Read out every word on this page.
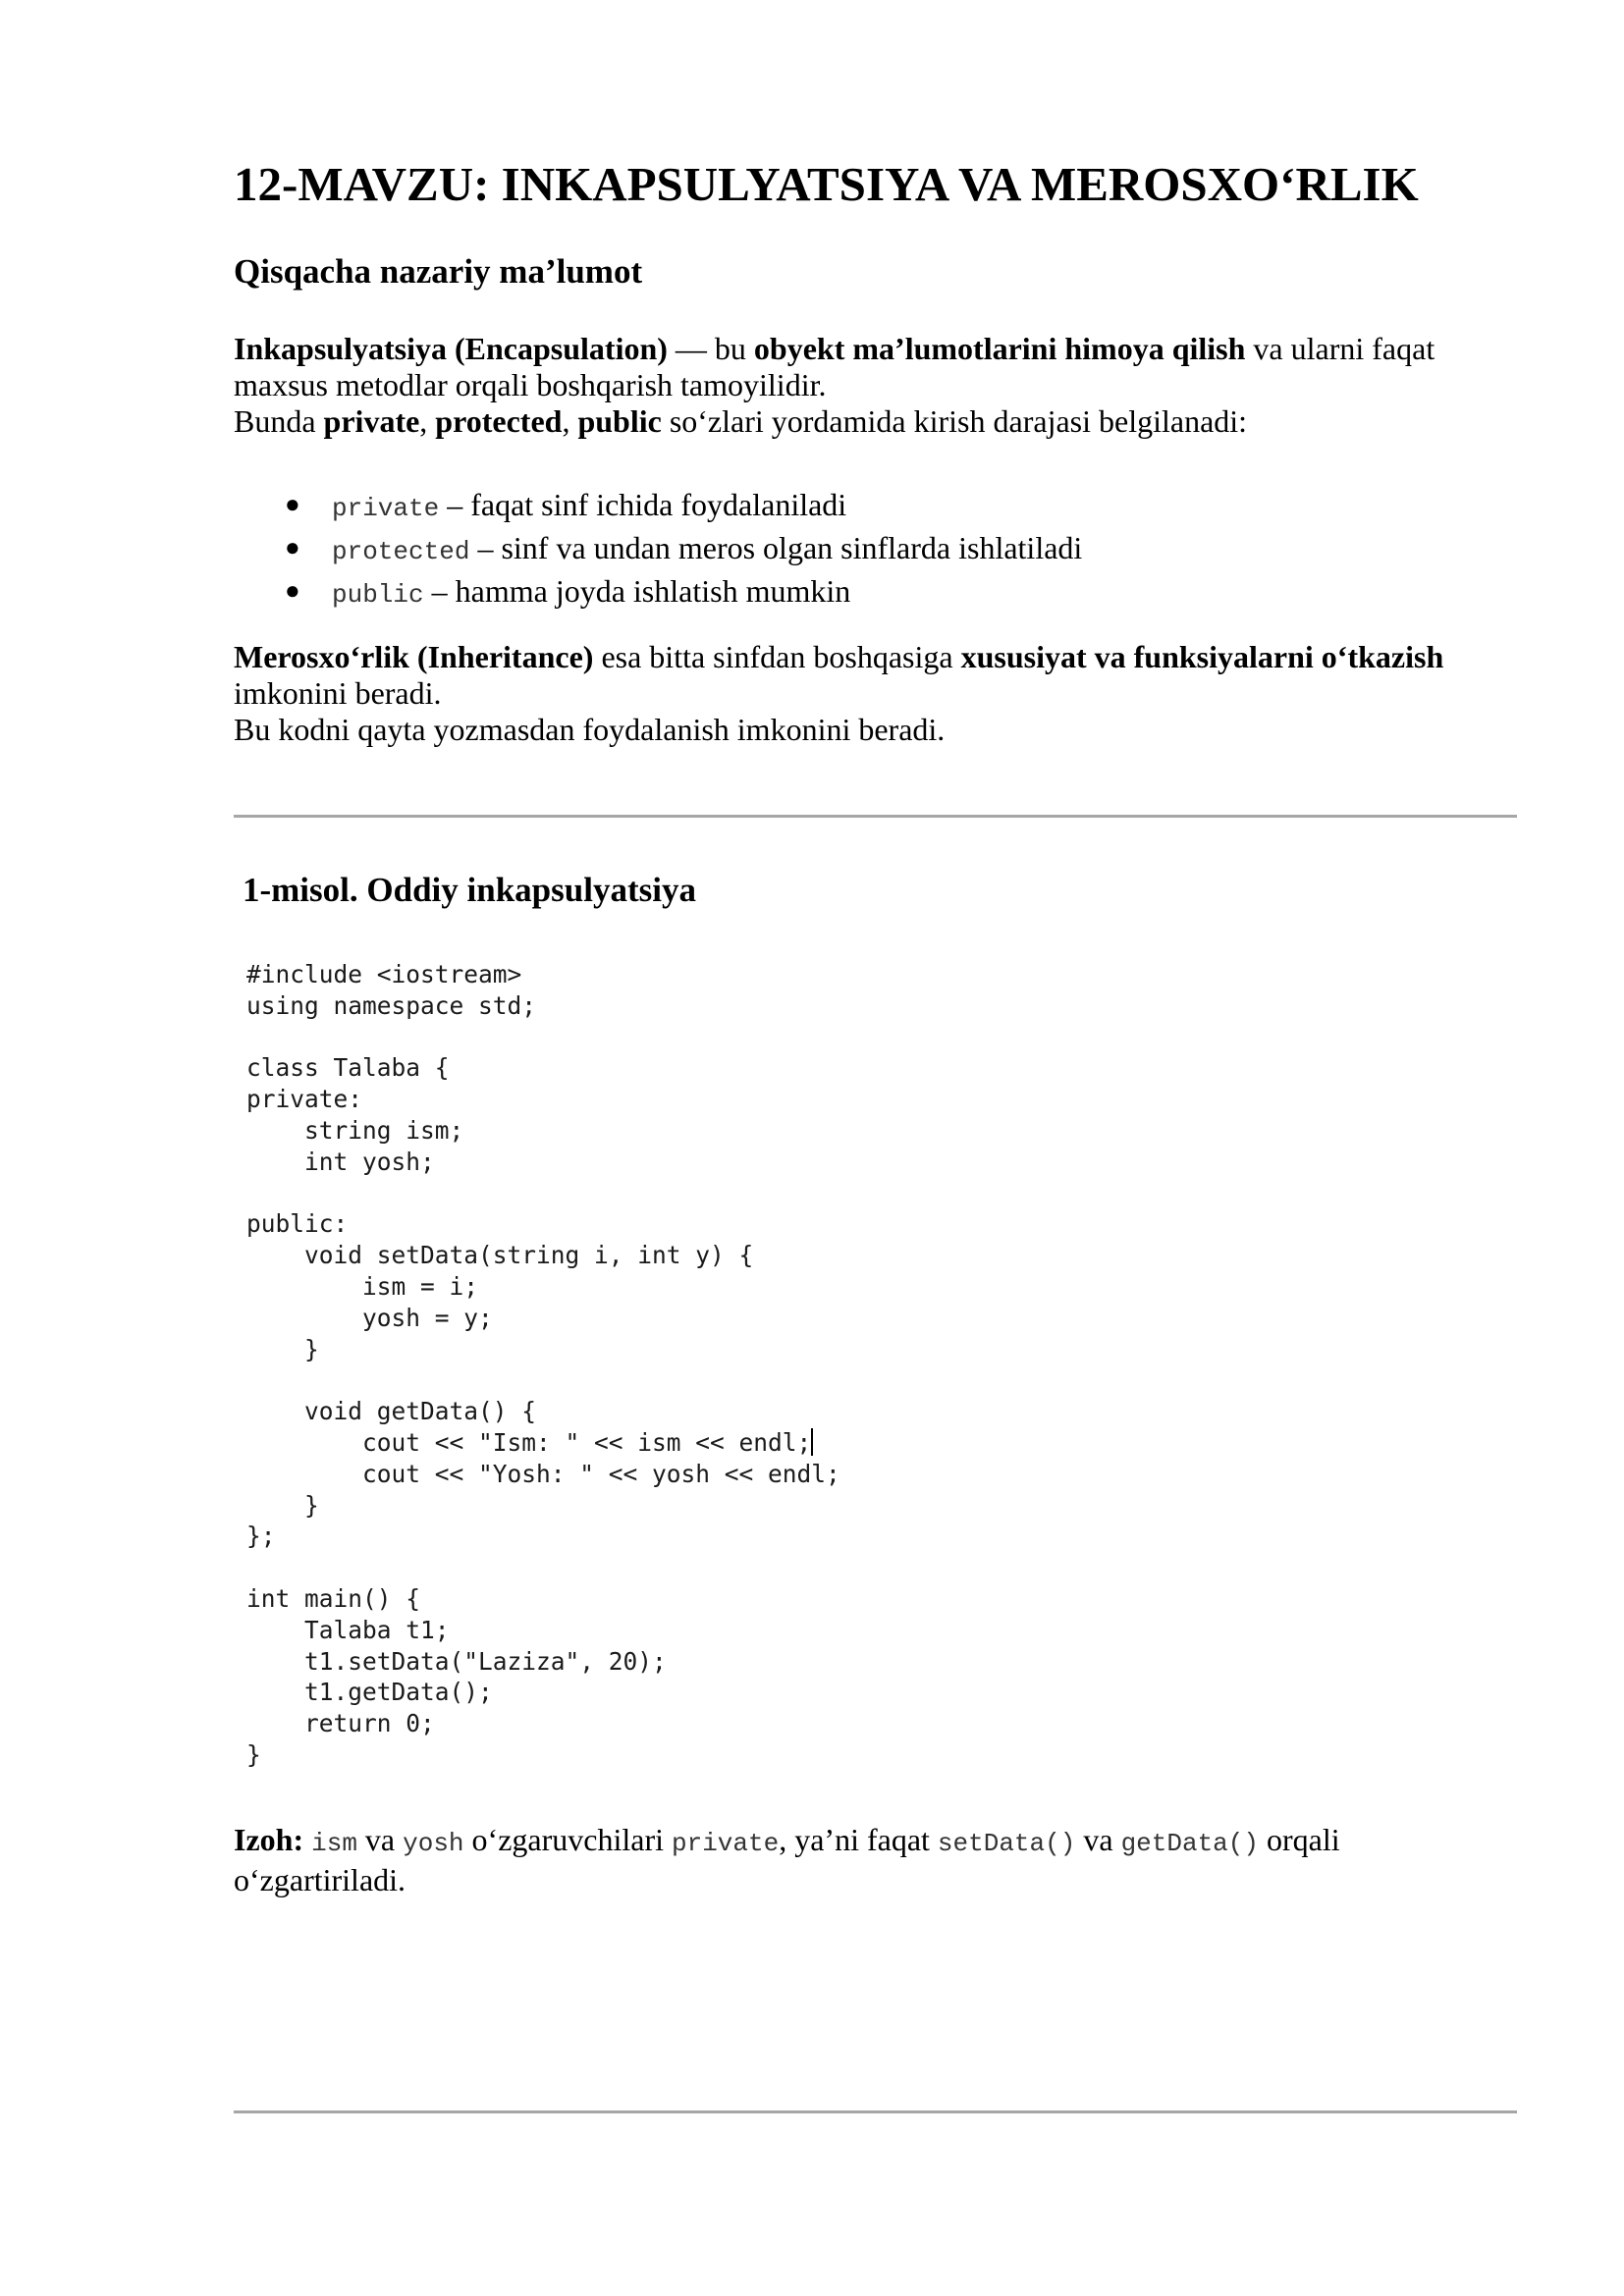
12-MAVZU: INKAPSULYATSIYA VA MEROSXO‘RLIK
Qisqacha nazariy ma’lumot

Inkapsulyatsiya (Encapsulation) — bu obyekt ma’lumotlarini himoya qilish va ularni faqat maxsus metodlar orqali boshqarish tamoyilidir.
Bunda private, protected, public so‘zlari yordamida kirish darajasi belgilanadi:

● private – faqat sinf ichida foydalaniladi
● protected – sinf va undan meros olgan sinflarda ishlatiladi
● public – hamma joyda ishlatish mumkin

Merosxo‘rlik (Inheritance) esa bitta sinfdan boshqasiga xususiyat va funksiyalarni o‘tkazish imkonini beradi.
Bu kodni qayta yozmasdan foydalanish imkonini beradi.

1-misol. Oddiy inkapsulyatsiya
#include <iostream>
using namespace std;

class Talaba {
private:
string ism;
int yosh;

public:
void setData(string i, int y) {
ism = i;
yosh = y;
}

void getData() {
cout << "Ism: " << ism << endl;
cout << "Yosh: " << yosh << endl;
}
};

int main() {
Talaba t1;
t1.setData("Laziza", 20);
t1.getData();
return 0;
}

Izoh: ism va yosh o‘zgaruvchilari private, ya’ni faqat setData() va getData() orqali o‘zgartiriladi.
